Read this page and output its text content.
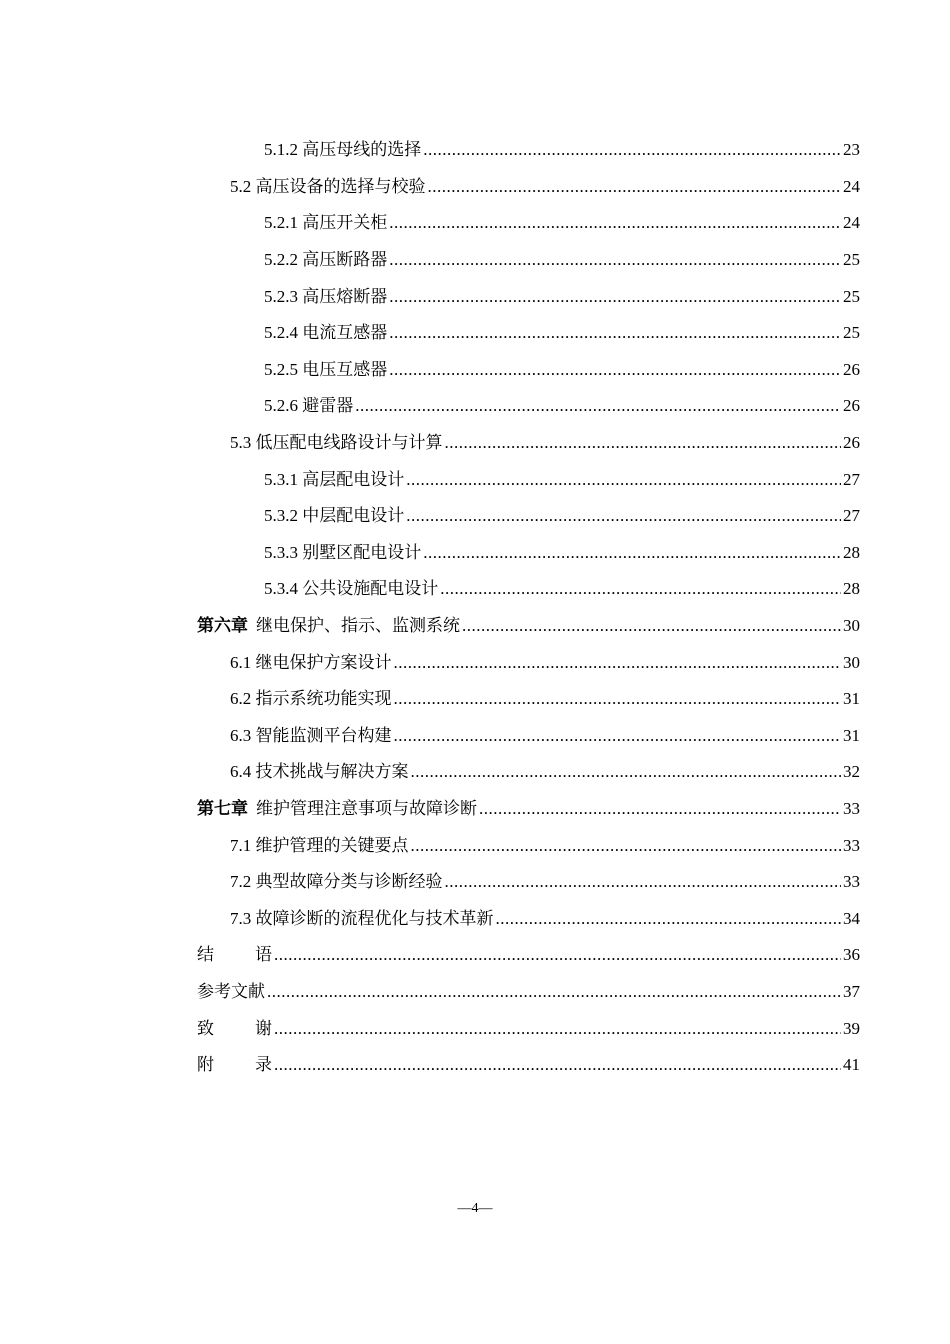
5.1.2 高压母线的选择 .....	23
5.2 高压设备的选择与校验 .....	24
5.2.1 高压开关柜 .....	24
5.2.2 高压断路器 .....	25
5.2.3 高压熔断器 .....	25
5.2.4 电流互感器 .....	25
5.2.5 电压互感器 .....	26
5.2.6 避雷器 .....	26
5.3 低压配电线路设计与计算 .....	26
5.3.1 高层配电设计 .....	27
5.3.2 中层配电设计 .....	27
5.3.3 别墅区配电设计 .....	28
5.3.4 公共设施配电设计 .....	28
第六章 继电保护、指示、监测系统 .....	30
6.1 继电保护方案设计 .....	30
6.2 指示系统功能实现 .....	31
6.3 智能监测平台构建 .....	31
6.4 技术挑战与解决方案 .....	32
第七章 维护管理注意事项与故障诊断 .....	33
7.1 维护管理的关键要点 .....	33
7.2 典型故障分类与诊断经验 .....	33
7.3 故障诊断的流程优化与技术革新 .....	34
结 语 .....	36
参考文献 .....	37
致 谢 .....	39
附 录 .....	41
—4—
